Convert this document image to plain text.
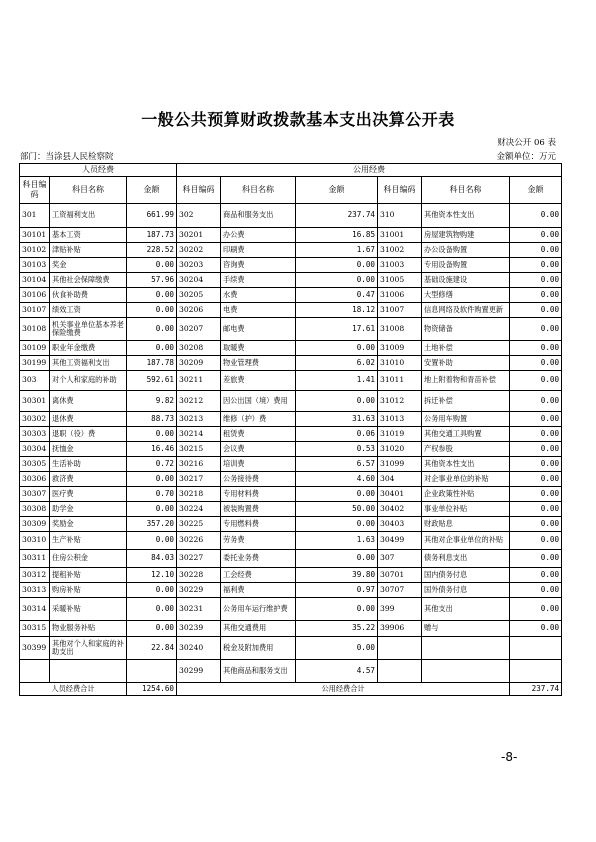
一般公共预算财政拨款基本支出决算公开表
财决公开 06 表
部门：当涂县人民检察院	金额单位：万元
人员经费			公用经费					
科目编码	科目名称	金额	科目编码	科目名称	金额	科目编码	科目名称	金额
301	工资福利支出	661.99	302	商品和服务支出	237.74	310	其他资本性支出	0.00
30101	基本工资	187.73	30201	办公费	16.85	31001	房屋建筑物购建	0.00
30102	津贴补贴	228.52	30202	印刷费	1.67	31002	办公设备购置	0.00
30103	奖金	0.00	30203	咨询费	0.00	31003	专用设备购置	0.00
30104	其他社会保障缴费	57.96	30204	手续费	0.00	31005	基础设施建设	0.00
30106	伙食补助费	0.00	30205	水费	0.47	31006	大型修缮	0.00
30107	绩效工资	0.00	30206	电费	18.12	31007	信息网络及软件购置更新	0.00
30108	机关事业单位基本养老保险缴费	0.00	30207	邮电费	17.61	31008	物资储备	0.00
30109	职业年金缴费	0.00	30208	取暖费	0.00	31009	土地补偿	0.00
30199	其他工资福利支出	187.78	30209	物业管理费	6.02	31010	安置补助	0.00
303	对个人和家庭的补助	592.61	30211	差旅费	1.41	31011	地上附着物和青苗补偿	0.00
30301	离休费	9.82	30212	因公出国（境）费用	0.00	31012	拆迁补偿	0.00
30302	退休费	88.73	30213	维修（护）费	31.63	31013	公务用车购置	0.00
30303	退职（役）费	0.00	30214	租赁费	0.06	31019	其他交通工具购置	0.00
30304	抚恤金	16.46	30215	会议费	0.53	31020	产权参股	0.00
30305	生活补助	0.72	30216	培训费	6.57	31099	其他资本性支出	0.00
30306	救济费	0.00	30217	公务接待费	4.60	304	对企事业单位的补贴	0.00
30307	医疗费	0.70	30218	专用材料费	0.00	30401	企业政策性补贴	0.00
30308	助学金	0.00	30224	被装购置费	50.00	30402	事业单位补贴	0.00
30309	奖励金	357.20	30225	专用燃料费	0.00	30403	财政贴息	0.00
30310	生产补贴	0.00	30226	劳务费	1.63	30499	其他对企事业单位的补贴	0.00
30311	住房公积金	84.03	30227	委托业务费	0.00	307	债务利息支出	0.00
30312	提租补贴	12.10	30228	工会经费	39.80	30701	国内债务付息	0.00
30313	购房补贴	0.00	30229	福利费	0.97	30707	国外债务付息	0.00
30314	采暖补贴	0.00	30231	公务用车运行维护费	0.00	399	其他支出	0.00
30315	物业服务补贴	0.00	30239	其他交通费用	35.22	39906	赠与	0.00
30399	其他对个人和家庭的补助支出	22.84	30240	税金及附加费用	0.00			
			30299	其他商品和服务支出	4.57			
人员经费合计		1254.60	公用经费合计					237.74
-8-
